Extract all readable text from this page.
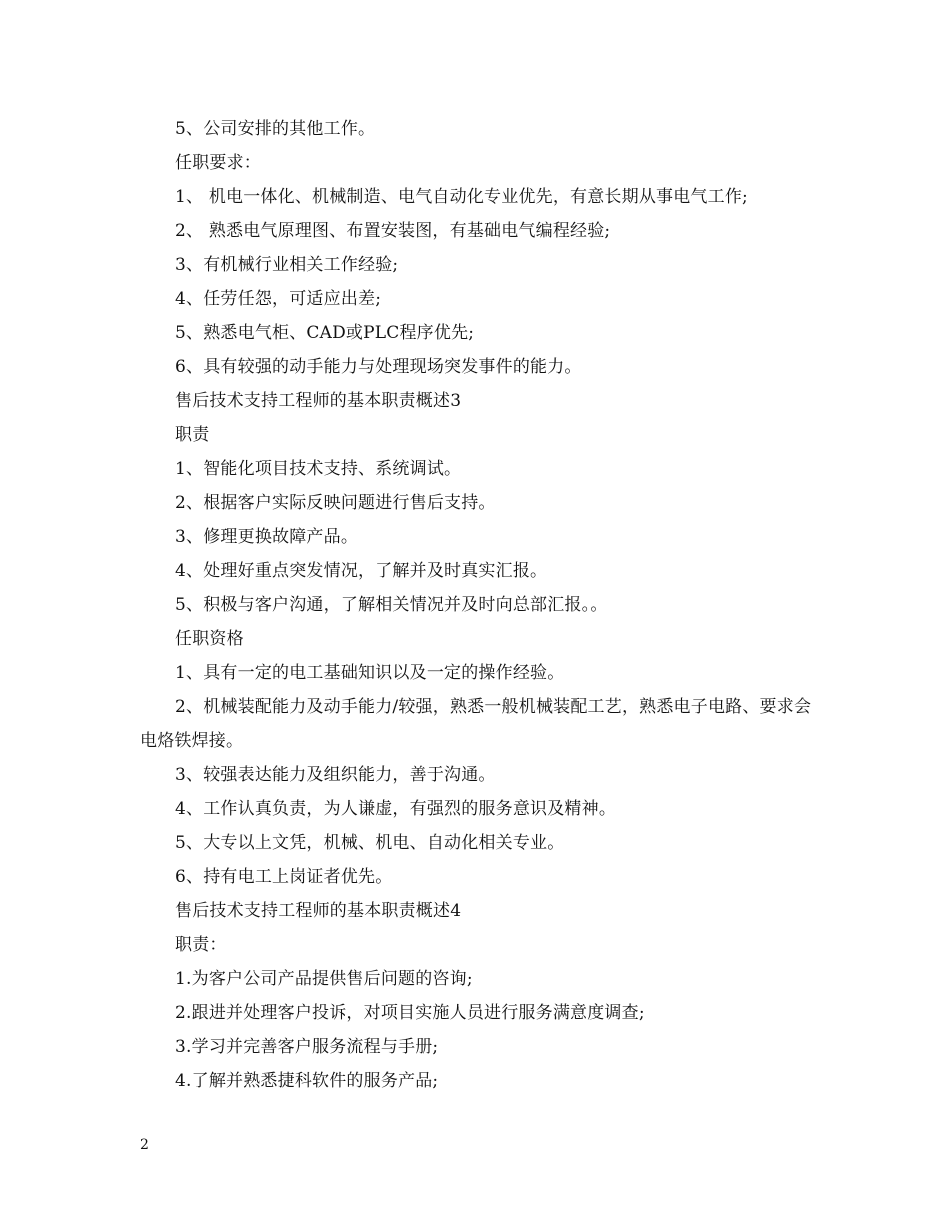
5、公司安排的其他工作。

任职要求：

1、 机电一体化、机械制造、电气自动化专业优先，有意长期从事电气工作;

2、 熟悉电气原理图、布置安装图，有基础电气编程经验;

3、有机械行业相关工作经验;

4、任劳任怨，可适应出差;

5、熟悉电气柜、CAD或PLC程序优先;

6、具有较强的动手能力与处理现场突发事件的能力。

售后技术支持工程师的基本职责概述3

职责

1、智能化项目技术支持、系统调试。

2、根据客户实际反映问题进行售后支持。

3、修理更换故障产品。

4、处理好重点突发情况，了解并及时真实汇报。

5、积极与客户沟通，了解相关情况并及时向总部汇报。。

任职资格

1、具有一定的电工基础知识以及一定的操作经验。

2、机械装配能力及动手能力/较强，熟悉一般机械装配工艺，熟悉电子电路、要求会电烙铁焊接。

3、较强表达能力及组织能力，善于沟通。

4、工作认真负责，为人谦虚，有强烈的服务意识及精神。

5、大专以上文凭，机械、机电、自动化相关专业。

6、持有电工上岗证者优先。

售后技术支持工程师的基本职责概述4

职责：

1.为客户公司产品提供售后问题的咨询;

2.跟进并处理客户投诉，对项目实施人员进行服务满意度调查;

3.学习并完善客户服务流程与手册;

4.了解并熟悉捷科软件的服务产品;

2
